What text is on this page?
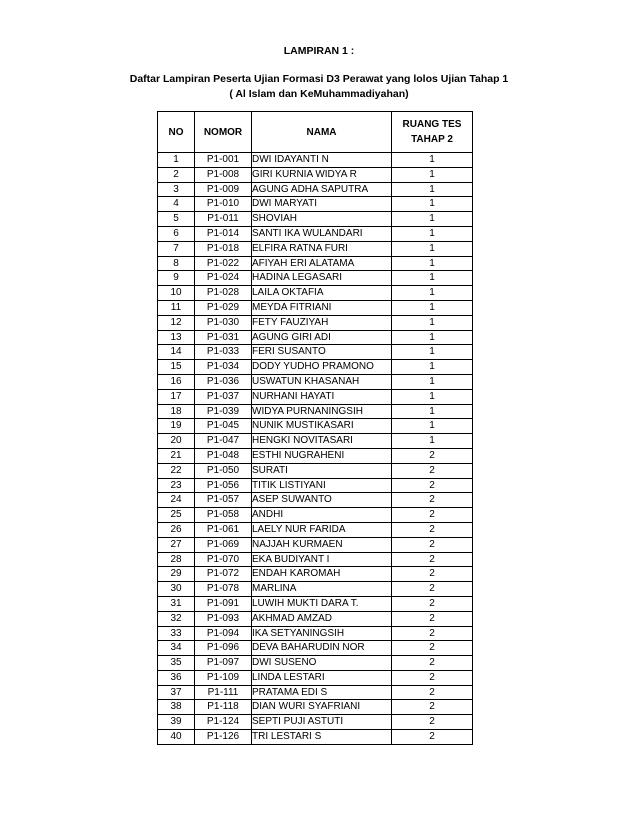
LAMPIRAN 1 :
Daftar Lampiran Peserta Ujian Formasi D3 Perawat yang lolos Ujian Tahap 1
( Al Islam dan KeMuhammadiyahan)
NO	NOMOR	NAMA	RUANG TES TAHAP 2
1	P1-001	DWI IDAYANTI N	1
2	P1-008	GIRI KURNIA WIDYA R	1
3	P1-009	AGUNG ADHA SAPUTRA	1
4	P1-010	DWI MARYATI	1
5	P1-011	SHOVIAH	1
6	P1-014	SANTI IKA WULANDARI	1
7	P1-018	ELFIRA RATNA FURI	1
8	P1-022	AFIYAH ERI ALATAMA	1
9	P1-024	HADINA LEGASARI	1
10	P1-028	LAILA OKTAFIA	1
11	P1-029	MEYDA FITRIANI	1
12	P1-030	FETY FAUZIYAH	1
13	P1-031	AGUNG GIRI ADI	1
14	P1-033	FERI SUSANTO	1
15	P1-034	DODY YUDHO PRAMONO	1
16	P1-036	USWATUN KHASANAH	1
17	P1-037	NURHANI HAYATI	1
18	P1-039	WIDYA PURNANINGSIH	1
19	P1-045	NUNIK MUSTIKASARI	1
20	P1-047	HENGKI NOVITASARI	1
21	P1-048	ESTHI NUGRAHENI	2
22	P1-050	SURATI	2
23	P1-056	TITIK LISTIYANI	2
24	P1-057	ASEP SUWANTO	2
25	P1-058	ANDHI	2
26	P1-061	LAELY NUR FARIDA	2
27	P1-069	NAJJAH KURMAEN	2
28	P1-070	EKA BUDIYANT I	2
29	P1-072	ENDAH KAROMAH	2
30	P1-078	MARLINA	2
31	P1-091	LUWIH MUKTI DARA T.	2
32	P1-093	AKHMAD AMZAD	2
33	P1-094	IKA SETYANINGSIH	2
34	P1-096	DEVA BAHARUDIN NOR	2
35	P1-097	DWI SUSENO	2
36	P1-109	LINDA LESTARI	2
37	P1-111	PRATAMA EDI S	2
38	P1-118	DIAN WURI SYAFRIANI	2
39	P1-124	SEPTI PUJI ASTUTI	2
40	P1-126	TRI LESTARI S	2
